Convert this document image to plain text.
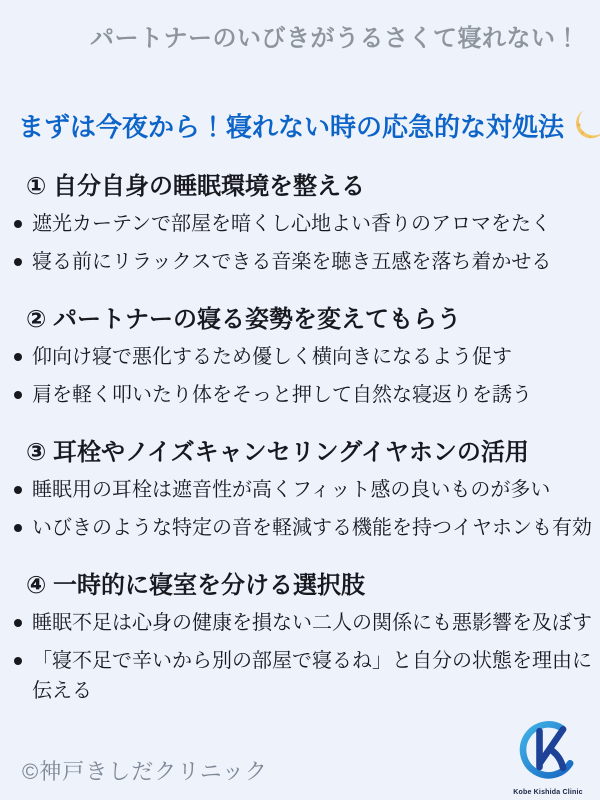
パートナーのいびきがうるさくて寝れない！
まずは今夜から！寝れない時の応急的な対処法
① 自分自身の睡眠環境を整える
遮光カーテンで部屋を暗くし心地よい香りのアロマをたく
寝る前にリラックスできる音楽を聴き五感を落ち着かせる
② パートナーの寝る姿勢を変えてもらう
仰向け寝で悪化するため優しく横向きになるよう促す
肩を軽く叩いたり体をそっと押して自然な寝返りを誘う
③ 耳栓やノイズキャンセリングイヤホンの活用
睡眠用の耳栓は遮音性が高くフィット感の良いものが多い
いびきのような特定の音を軽減する機能を持つイヤホンも有効
④ 一時的に寝室を分ける選択肢
睡眠不足は心身の健康を損ない二人の関係にも悪影響を及ぼす
「寝不足で辛いから別の部屋で寝るね」と自分の状態を理由に伝える
©神戸きしだクリニック
Kobe Kishida Clinic
